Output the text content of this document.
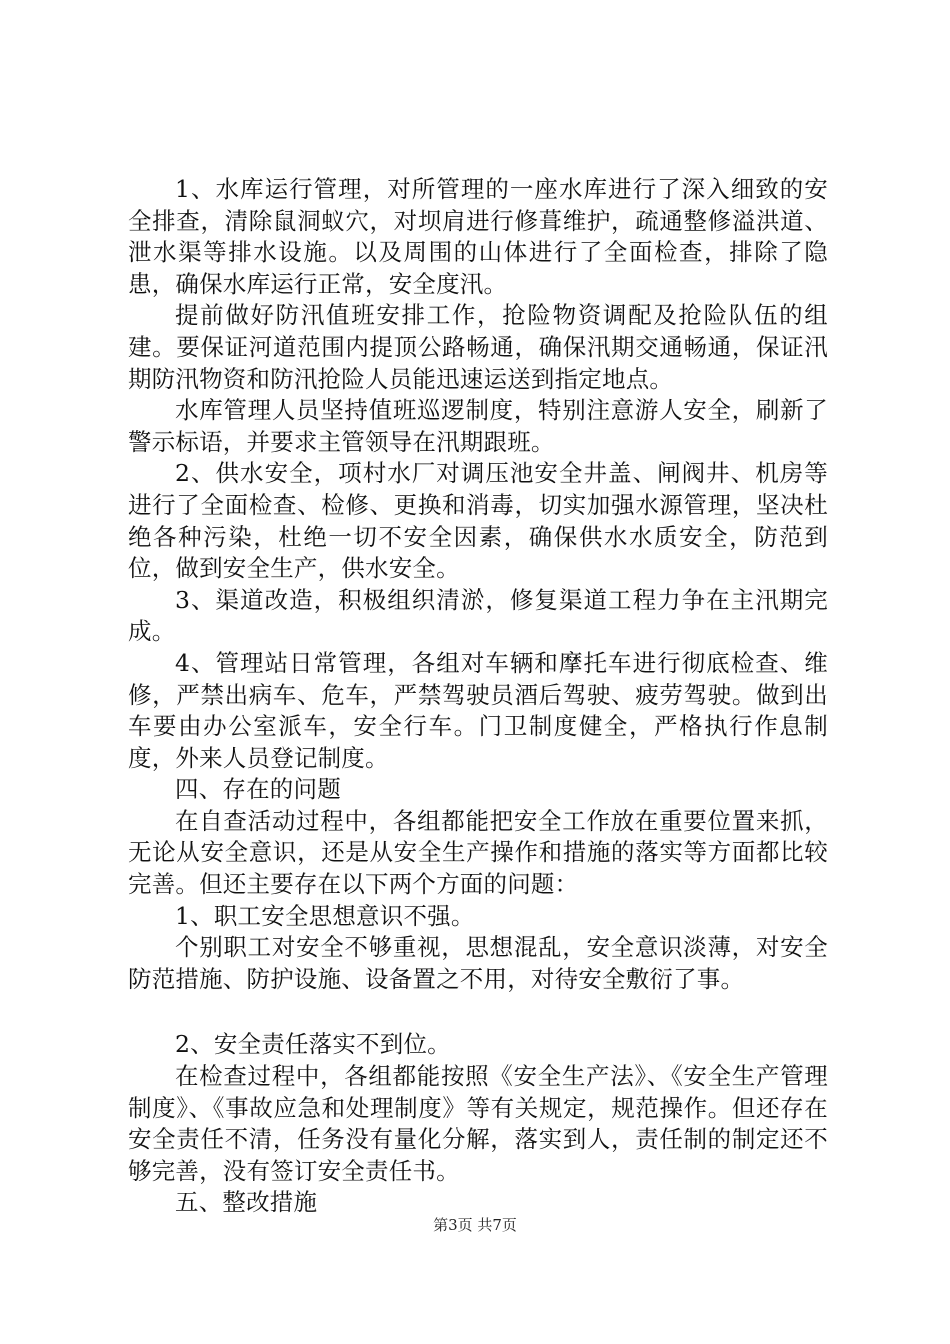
1、水库运行管理，对所管理的一座水库进行了深入细致的安全排查，清除鼠洞蚁穴，对坝肩进行修葺维护，疏通整修溢洪道、泄水渠等排水设施。以及周围的山体进行了全面检查，排除了隐患，确保水库运行正常，安全度汛。

提前做好防汛值班安排工作，抢险物资调配及抢险队伍的组建。要保证河道范围内提顶公路畅通，确保汛期交通畅通，保证汛期防汛物资和防汛抢险人员能迅速运送到指定地点。

水库管理人员坚持值班巡逻制度，特别注意游人安全，刷新了警示标语，并要求主管领导在汛期跟班。

2、供水安全，项村水厂对调压池安全井盖、闸阀井、机房等进行了全面检查、检修、更换和消毒，切实加强水源管理，坚决杜绝各种污染，杜绝一切不安全因素，确保供水水质安全，防范到位，做到安全生产，供水安全。

3、渠道改造，积极组织清淤，修复渠道工程力争在主汛期完成。

4、管理站日常管理，各组对车辆和摩托车进行彻底检查、维修，严禁出病车、危车，严禁驾驶员酒后驾驶、疲劳驾驶。做到出车要由办公室派车，安全行车。门卫制度健全，严格执行作息制度，外来人员登记制度。

四、存在的问题

在自查活动过程中，各组都能把安全工作放在重要位置来抓，无论从安全意识，还是从安全生产操作和措施的落实等方面都比较完善。但还主要存在以下两个方面的问题：

1、职工安全思想意识不强。

个别职工对安全不够重视，思想混乱，安全意识淡薄，对安全防范措施、防护设施、设备置之不用，对待安全敷衍了事。

2、安全责任落实不到位。

在检查过程中，各组都能按照《安全生产法》、《安全生产管理制度》、《事故应急和处理制度》等有关规定，规范操作。但还存在安全责任不清，任务没有量化分解，落实到人，责任制的制定还不够完善，没有签订安全责任书。

五、整改措施

第3页 共7页
